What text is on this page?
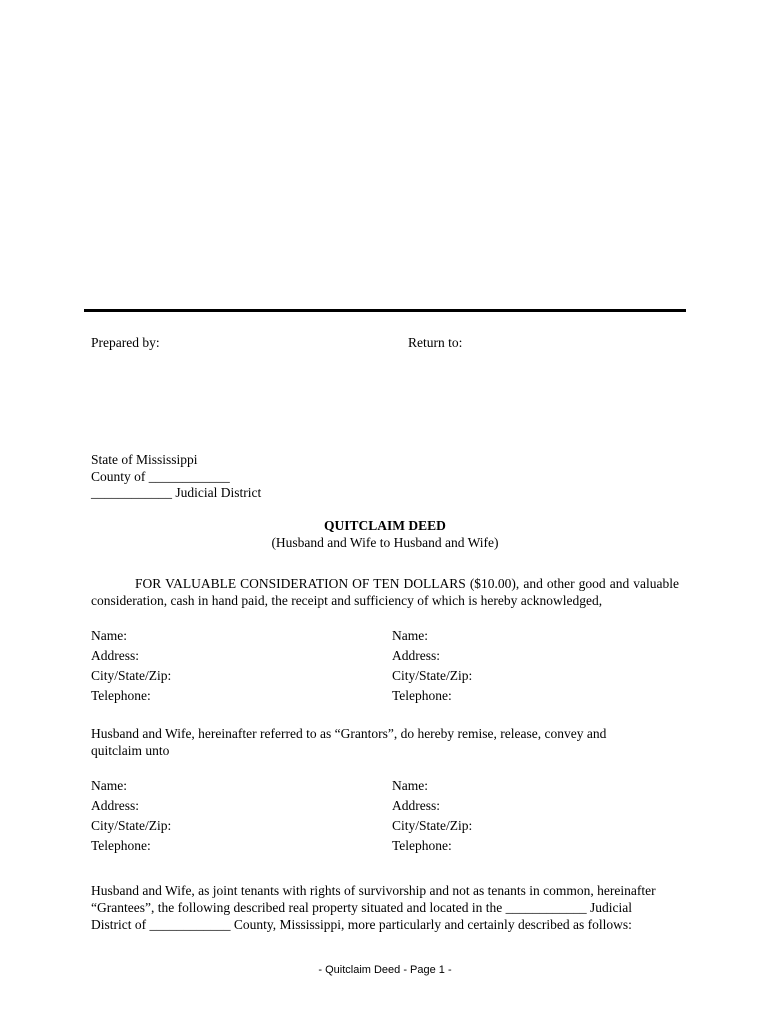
Prepared by:	Return to:
State of Mississippi
County of ____________
____________ Judicial District
QUITCLAIM DEED
(Husband and Wife to Husband and Wife)
FOR VALUABLE CONSIDERATION OF TEN DOLLARS ($10.00), and other good and valuable consideration, cash in hand paid, the receipt and sufficiency of which is hereby acknowledged,
Name:
Address:
City/State/Zip:
Telephone:
Name:
Address:
City/State/Zip:
Telephone:
Husband and Wife, hereinafter referred to as “Grantors”, do hereby remise, release, convey and quitclaim unto
Name:
Address:
City/State/Zip:
Telephone:
Name:
Address:
City/State/Zip:
Telephone:
Husband and Wife, as joint tenants with rights of survivorship and not as tenants in common, hereinafter
“Grantees”, the following described real property situated and located in the ____________ Judicial
District of ____________ County, Mississippi, more particularly and certainly described as follows:
- Quitclaim Deed - Page 1 -
